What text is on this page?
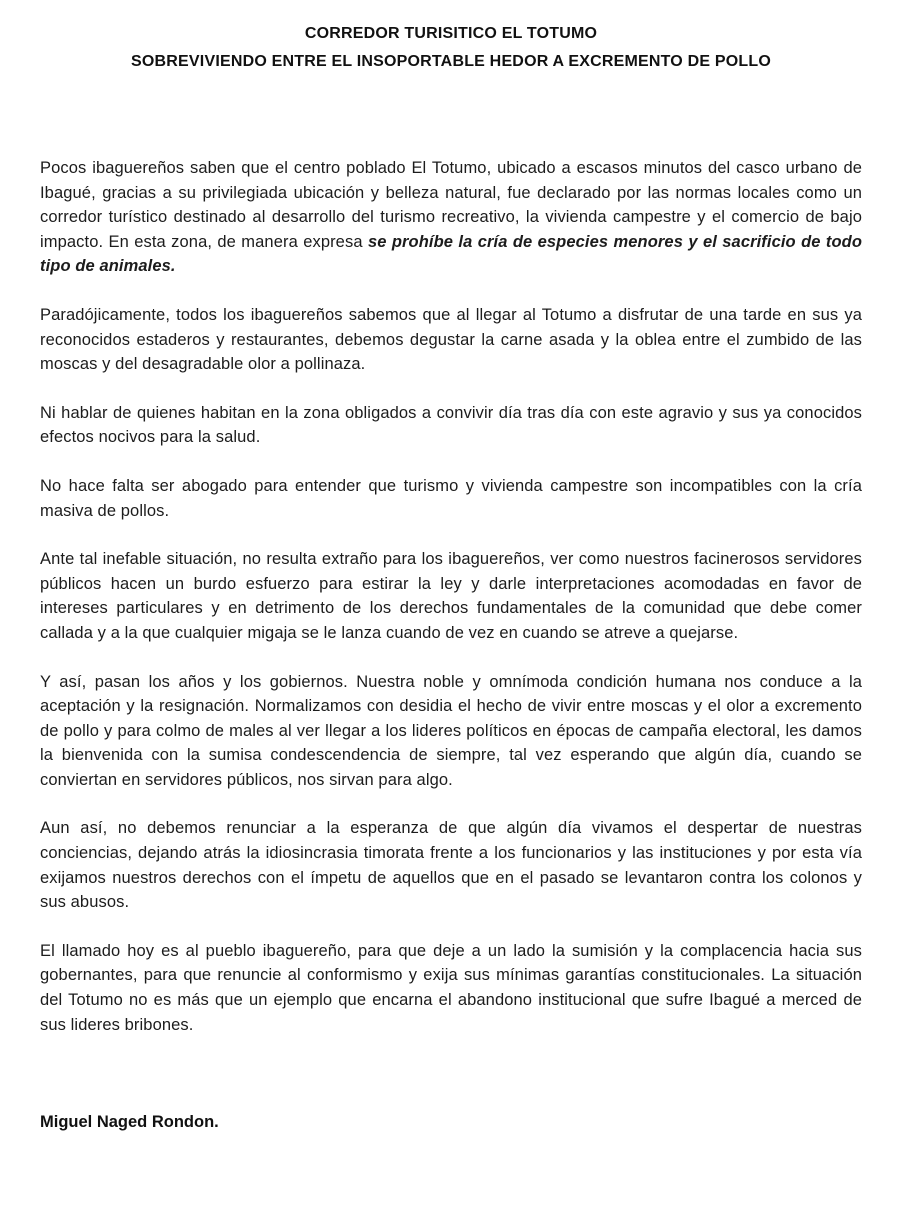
CORREDOR TURISITICO EL TOTUMO
SOBREVIVIENDO ENTRE EL INSOPORTABLE HEDOR A EXCREMENTO DE POLLO

Pocos ibaguereños saben que el centro poblado El Totumo, ubicado a escasos minutos del casco urbano de Ibagué, gracias a su privilegiada ubicación y belleza natural, fue declarado por las normas locales como un corredor turístico destinado al desarrollo del turismo recreativo, la vivienda campestre y el comercio de bajo impacto. En esta zona, de manera expresa se prohíbe la cría de especies menores y el sacrificio de todo tipo de animales.

Paradójicamente, todos los ibaguereños sabemos que al llegar al Totumo a disfrutar de una tarde en sus ya reconocidos estaderos y restaurantes, debemos degustar la carne asada y la oblea entre el zumbido de las moscas y del desagradable olor a pollinaza.

Ni hablar de quienes habitan en la zona obligados a convivir día tras día con este agravio y sus ya conocidos efectos nocivos para la salud.

No hace falta ser abogado para entender que turismo y vivienda campestre son incompatibles con la cría masiva de pollos.

Ante tal inefable situación, no resulta extraño para los ibaguereños, ver como nuestros facinerosos servidores públicos hacen un burdo esfuerzo para estirar la ley y darle interpretaciones acomodadas en favor de intereses particulares y en detrimento de los derechos fundamentales de la comunidad que debe comer callada y a la que cualquier migaja se le lanza cuando de vez en cuando se atreve a quejarse.

Y así, pasan los años y los gobiernos. Nuestra noble y omnímoda condición humana nos conduce a la aceptación y la resignación. Normalizamos con desidia el hecho de vivir entre moscas y el olor a excremento de pollo y para colmo de males al ver llegar a los lideres políticos en épocas de campaña electoral, les damos la bienvenida con la sumisa condescendencia de siempre, tal vez esperando que algún día, cuando se conviertan en servidores públicos, nos sirvan para algo.

Aun así, no debemos renunciar a la esperanza de que algún día vivamos el despertar de nuestras conciencias, dejando atrás la idiosincrasia timorata frente a los funcionarios y las instituciones y por esta vía exijamos nuestros derechos con el ímpetu de aquellos que en el pasado se levantaron contra los colonos y sus abusos.

El llamado hoy es al pueblo ibaguereño, para que deje a un lado la sumisión y la complacencia hacia sus gobernantes, para que renuncie al conformismo y exija sus mínimas garantías constitucionales. La situación del Totumo no es más que un ejemplo que encarna el abandono institucional que sufre Ibagué a merced de sus lideres bribones.

Miguel Naged Rondon.
